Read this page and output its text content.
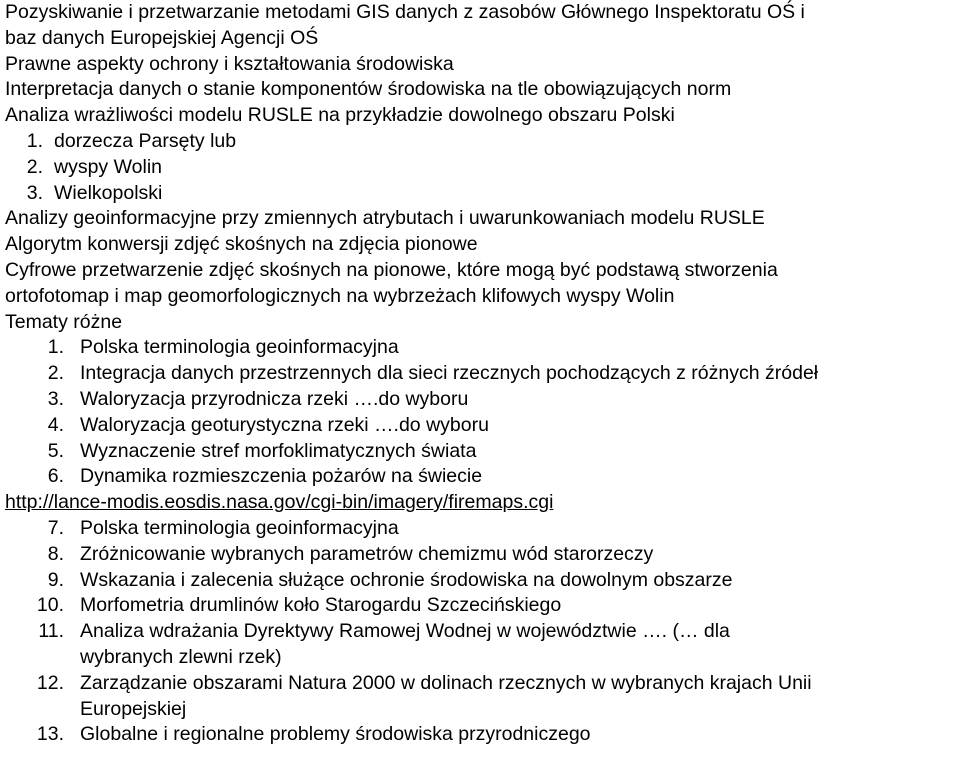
Pozyskiwanie i przetwarzanie metodami GIS danych z zasobów Głównego Inspektoratu OŚ i
baz danych Europejskiej Agencji OŚ
Prawne aspekty ochrony i kształtowania środowiska
Interpretacja danych o stanie komponentów środowiska na tle obowiązujących norm
Analiza wrażliwości modelu RUSLE na przykładzie dowolnego obszaru Polski
1. dorzecza Parsęty lub
2. wyspy Wolin
3. Wielkopolski
Analizy geoinformacyjne przy zmiennych atrybutach i uwarunkowaniach modelu RUSLE
Algorytm konwersji zdjęć skośnych na zdjęcia pionowe
Cyfrowe przetwarzenie zdjęć skośnych na pionowe, które mogą być podstawą stworzenia
ortofotomap i map geomorfologicznych na wybrzeżach klifowych wyspy Wolin
Tematy różne
1. Polska terminologia geoinformacyjna
2. Integracja danych przestrzennych dla sieci rzecznych pochodzących z różnych źródeł
3. Waloryzacja przyrodnicza rzeki ….do wyboru
4. Waloryzacja geoturystyczna rzeki ….do wyboru
5. Wyznaczenie stref morfoklimatycznych świata
6. Dynamika rozmieszczenia pożarów na świecie
http://lance-modis.eosdis.nasa.gov/cgi-bin/imagery/firemaps.cgi
7. Polska terminologia geoinformacyjna
8. Zróżnicowanie wybranych parametrów chemizmu wód starorzeczy
9. Wskazania i zalecenia służące ochronie środowiska na dowolnym obszarze
10. Morfometria drumlinów koło Starogardu Szczecińskiego
11. Analiza wdrażania Dyrektywy Ramowej Wodnej w województwie …. (… dla
wybranych zlewni rzek)
12. Zarządzanie obszarami Natura 2000 w dolinach rzecznych w wybranych krajach Unii
Europejskiej
13. Globalne i regionalne problemy środowiska przyrodniczego
